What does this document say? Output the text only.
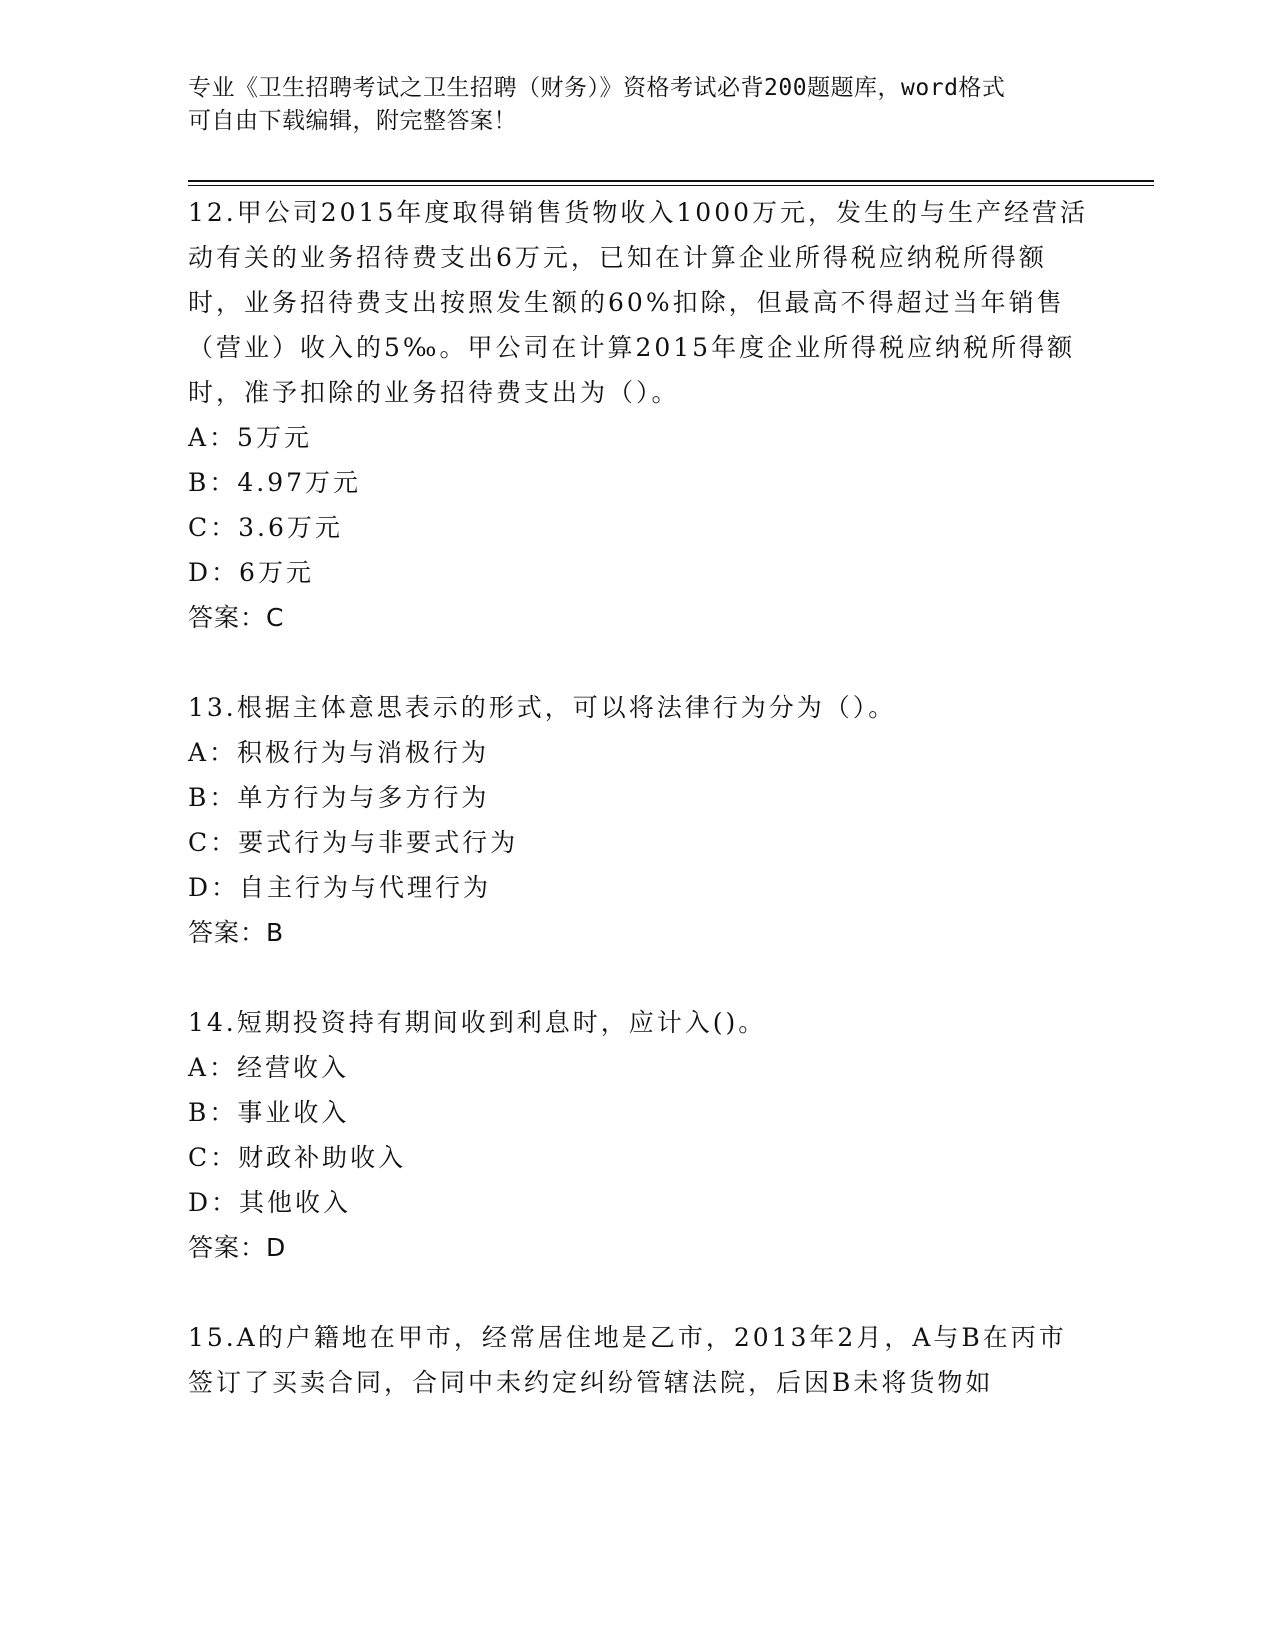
专业《卫生招聘考试之卫生招聘（财务）》资格考试必背200题题库，word格式
可自由下载编辑，附完整答案！

12.甲公司2015年度取得销售货物收入1000万元，发生的与生产经营活动有关的业务招待费支出6万元，已知在计算企业所得税应纳税所得额时，业务招待费支出按照发生额的60%扣除，但最高不得超过当年销售（营业）收入的5‰。甲公司在计算2015年度企业所得税应纳税所得额时，准予扣除的业务招待费支出为（）。

A：5万元

B：4.97万元

C：3.6万元

D：6万元

答案：C

13.根据主体意思表示的形式，可以将法律行为分为（）。

A：积极行为与消极行为

B：单方行为与多方行为

C：要式行为与非要式行为

D：自主行为与代理行为

答案：B

14.短期投资持有期间收到利息时，应计入()。

A：经营收入

B：事业收入

C：财政补助收入

D：其他收入

答案：D

15.A的户籍地在甲市，经常居住地是乙市，2013年2月，A与B在丙市签订了买卖合同，合同中未约定纠纷管辖法院，后因B未将货物如
